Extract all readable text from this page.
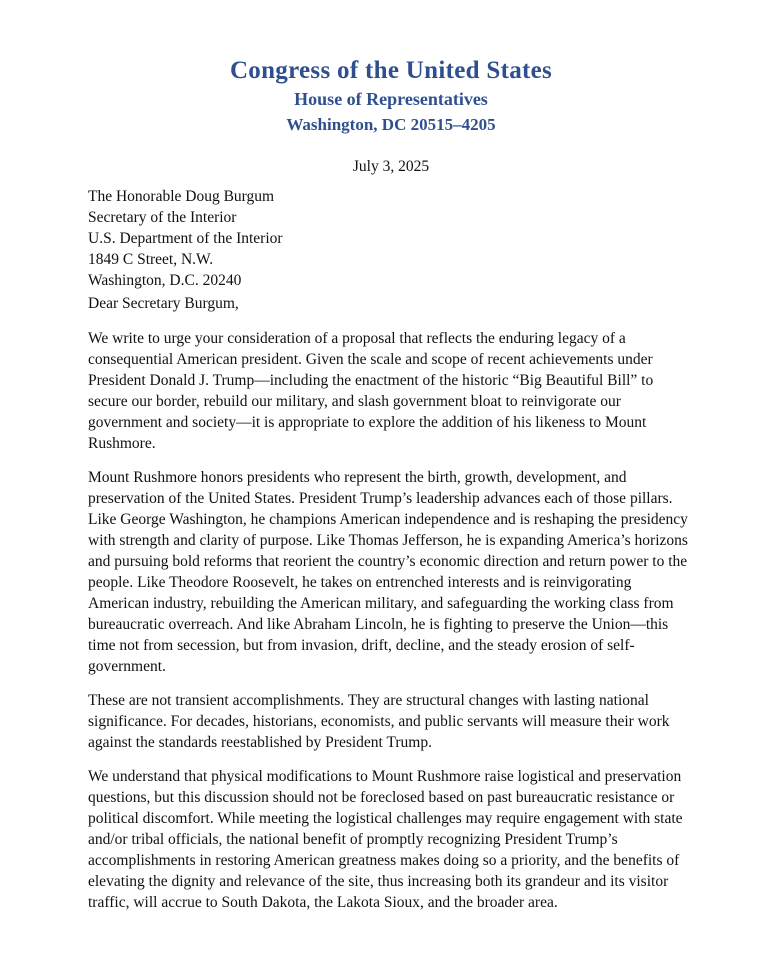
Congress of the United States
House of Representatives
Washington, DC 20515–4205
July 3, 2025
The Honorable Doug Burgum
Secretary of the Interior
U.S. Department of the Interior
1849 C Street, N.W.
Washington, D.C. 20240
Dear Secretary Burgum,
We write to urge your consideration of a proposal that reflects the enduring legacy of a
consequential American president. Given the scale and scope of recent achievements under
President Donald J. Trump—including the enactment of the historic “Big Beautiful Bill” to
secure our border, rebuild our military, and slash government bloat to reinvigorate our
government and society—it is appropriate to explore the addition of his likeness to Mount
Rushmore.
Mount Rushmore honors presidents who represent the birth, growth, development, and
preservation of the United States. President Trump’s leadership advances each of those pillars.
Like George Washington, he champions American independence and is reshaping the presidency
with strength and clarity of purpose. Like Thomas Jefferson, he is expanding America’s horizons
and pursuing bold reforms that reorient the country’s economic direction and return power to the
people. Like Theodore Roosevelt, he takes on entrenched interests and is reinvigorating
American industry, rebuilding the American military, and safeguarding the working class from
bureaucratic overreach. And like Abraham Lincoln, he is fighting to preserve the Union—this
time not from secession, but from invasion, drift, decline, and the steady erosion of self-
government.
These are not transient accomplishments. They are structural changes with lasting national
significance. For decades, historians, economists, and public servants will measure their work
against the standards reestablished by President Trump.
We understand that physical modifications to Mount Rushmore raise logistical and preservation
questions, but this discussion should not be foreclosed based on past bureaucratic resistance or
political discomfort. While meeting the logistical challenges may require engagement with state
and/or tribal officials, the national benefit of promptly recognizing President Trump’s
accomplishments in restoring American greatness makes doing so a priority, and the benefits of
elevating the dignity and relevance of the site, thus increasing both its grandeur and its visitor
traffic, will accrue to South Dakota, the Lakota Sioux, and the broader area.
